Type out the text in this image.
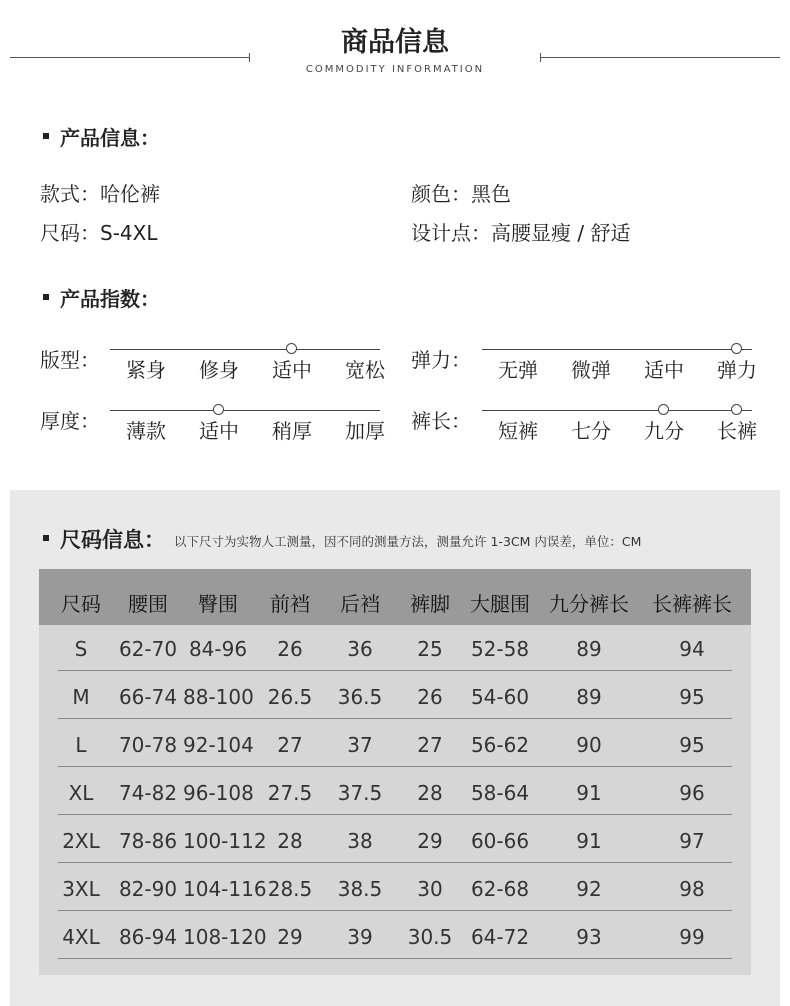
商品信息
COMMODITY INFORMATION
产品信息：
款式：哈伦裤	颜色：黑色
尺码：S-4XL	设计点：高腰显瘦 / 舒适
产品指数：
版型：	紧身	修身	适中	宽松	弹力：	无弹	微弹	适中	弹力
厚度：	薄款	适中	稍厚	加厚	裤长：	短裤	七分	九分	长裤
尺码信息： 以下尺寸为实物人工测量，因不同的测量方法，测量允许 1-3CM 内误差，单位：CM
尺码	腰围	臀围	前裆	后裆	裤脚	大腿围 九分裤长	长裤裤长
S	62-70 84-96	26	36	25	52-58	89	94
M	66-74 88-100 26.5	36.5	26	54-60	89	95
L	70-78 92-104	27	37	27	56-62	90	95
XL	74-82 96-108 27.5	37.5	28	58-64	91	96
2XL 78-86 100-112 28	38	29	60-66	91	97
3XL 82-90 104-116 28.5	38.5	30	62-68	92	98
4XL 86-94 108-120 29	39	30.5 64-72	93	99
